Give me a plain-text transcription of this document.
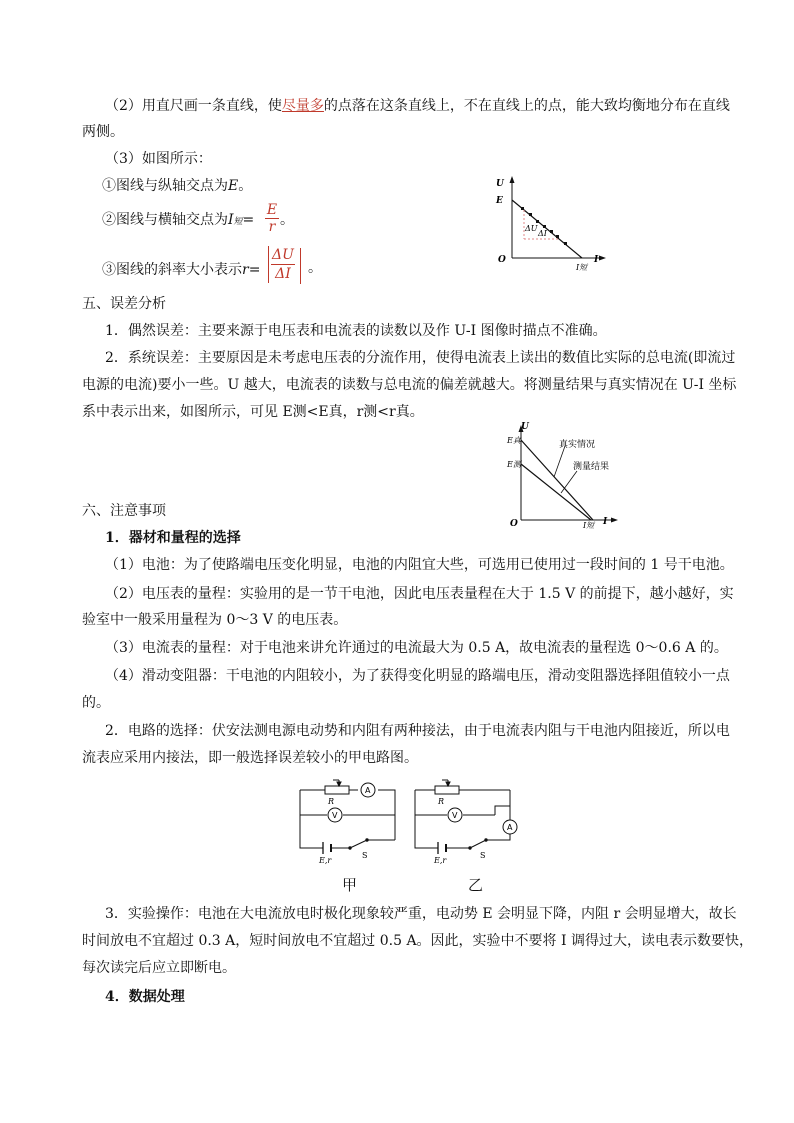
（2）用直尺画一条直线，使尽量多的点落在这条直线上，不在直线上的点，能大致均衡地分布在直线
两侧。
（3）如图所示：
①图线与纵轴交点为E。
②图线与横轴交点为I短=
E
r 。
③图线的斜率大小表示r=
ΔU
ΔI 。
U
E
O	I
I短
ΔU
ΔI
五、误差分析
1．偶然误差：主要来源于电压表和电流表的读数以及作 U-I 图像时描点不准确。
2．系统误差：主要原因是未考虑电压表的分流作用，使得电流表上读出的数值比实际的总电流(即流过
电源的电流)要小一些。U 越大，电流表的读数与总电流的偏差就越大。将测量结果与真实情况在 U-I 坐标
系中表示出来，如图所示，可见 E测<E真，r测<r真。
U
E真
E测
真实情况
测量结果
O	I短 I
六、注意事项
1．器材和量程的选择
（1）电池：为了使路端电压变化明显，电池的内阻宜大些，可选用已使用过一段时间的 1 号干电池。
（2）电压表的量程：实验用的是一节干电池，因此电压表量程在大于 1.5 V 的前提下，越小越好，实
验室中一般采用量程为 0～3 V 的电压表。
（3）电流表的量程：对于电池来讲允许通过的电流最大为 0.5 A，故电流表的量程选 0～0.6 A 的。
（4）滑动变阻器：干电池的内阻较小，为了获得变化明显的路端电压，滑动变阻器选择阻值较小一点
的。
2．电路的选择：伏安法测电源电动势和内阻有两种接法，由于电流表内阻与干电池内阻接近，所以电
流表应采用内接法，即一般选择误差较小的甲电路图。
R
A
V
E,r
S
R
A
V
E,r
S
甲	乙
3．实验操作：电池在大电流放电时极化现象较严重，电动势 E 会明显下降，内阻 r 会明显增大，故长
时间放电不宜超过 0.3 A，短时间放电不宜超过 0.5 A。因此，实验中不要将 I 调得过大，读电表示数要快，
每次读完后应立即断电。
4．数据处理
